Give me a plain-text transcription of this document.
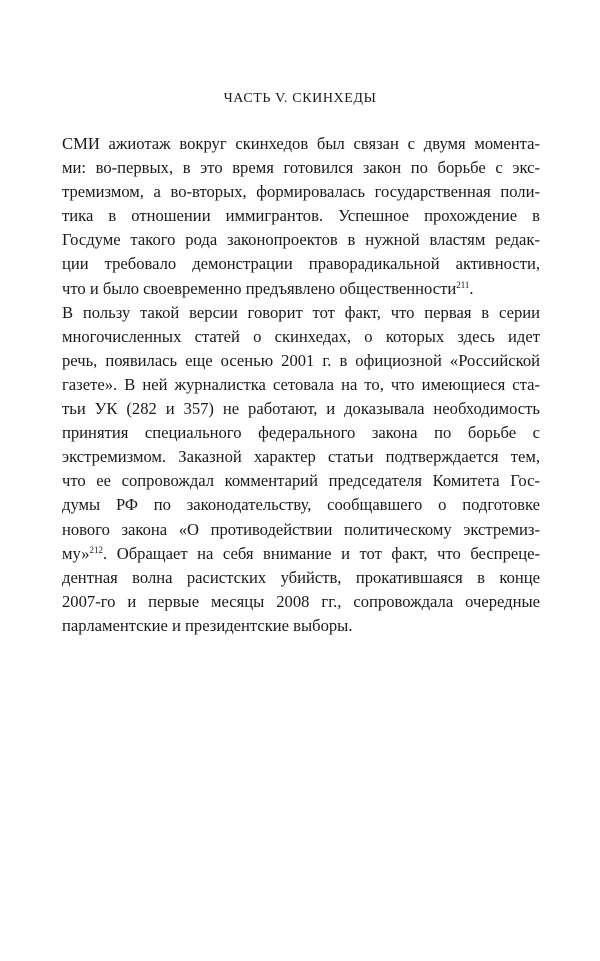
ЧАСТЬ V. СКИНХЕДЫ
СМИ ажиотаж вокруг скинхедов был связан с двумя момента-
ми: во-первых, в это время готовился закон по борьбе с экс-
тремизмом, а во-вторых, формировалась государственная поли-
тика в отношении иммигрантов. Успешное прохождение в
Госдуме такого рода законопроектов в нужной властям редак-
ции требовало демонстрации праворадикальной активности,
что и было своевременно предъявлено общественности$^{211}$.
В пользу такой версии говорит тот факт, что первая в серии
многочисленных статей о скинхедах, о которых здесь идет
речь, появилась еще осенью 2001 г. в официозной «Российской
газете». В ней журналистка сетовала на то, что имеющиеся ста-
тьи УК (282 и 357) не работают, и доказывала необходимость
принятия специального федерального закона по борьбе с
экстремизмом. Заказной характер статьи подтверждается тем,
что ее сопровождал комментарий председателя Комитета Гос-
думы РФ по законодательству, сообщавшего о подготовке
нового закона «О противодействии политическому экстремиз-
му»$^{212}$. Обращает на себя внимание и тот факт, что беспреце-
дентная волна расистских убийств, прокатившаяся в конце
2007-го и первые месяцы 2008 гг., сопровождала очередные
парламентские и президентские выборы.
